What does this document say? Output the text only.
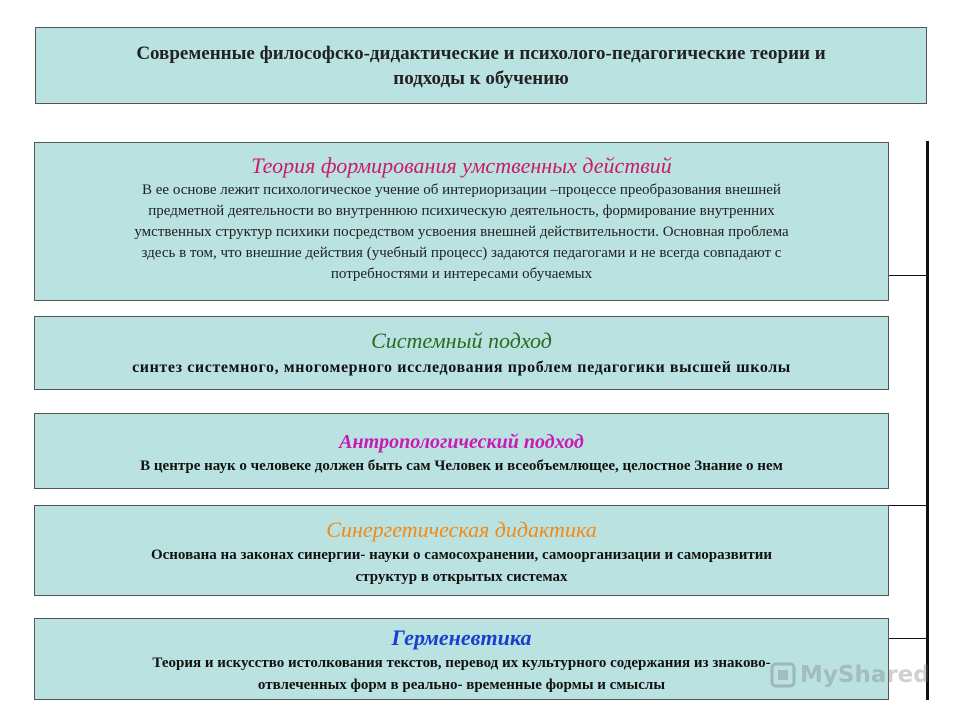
Современные философско-дидактические и психолого-педагогические теории и
подходы к обучению
Теория формирования умственных действий
В ее основе лежит психологическое учение об интериоризации –процессе преобразования внешней
предметной деятельности во внутреннюю психическую деятельность, формирование внутренних
умственных структур психики посредством усвоения внешней действительности. Основная проблема
здесь в том, что внешние действия (учебный процесс) задаются педагогами и не всегда совпадают с
потребностями и интересами обучаемых
Системный подход
синтез системного, многомерного исследования проблем педагогики высшей школы
Антропологический подход
В центре наук о человеке должен быть сам Человек и всеобъемлющее, целостное Знание о нем
Синергетическая дидактика
Основана на законах синергии- науки о самосохранении, самоорганизации и саморазвитии
структур в открытых системах
Герменевтика
Теория и искусство истолкования текстов, перевод их культурного содержания из знаково-
отвлеченных форм в реально- временные формы и смыслы	MyShared
